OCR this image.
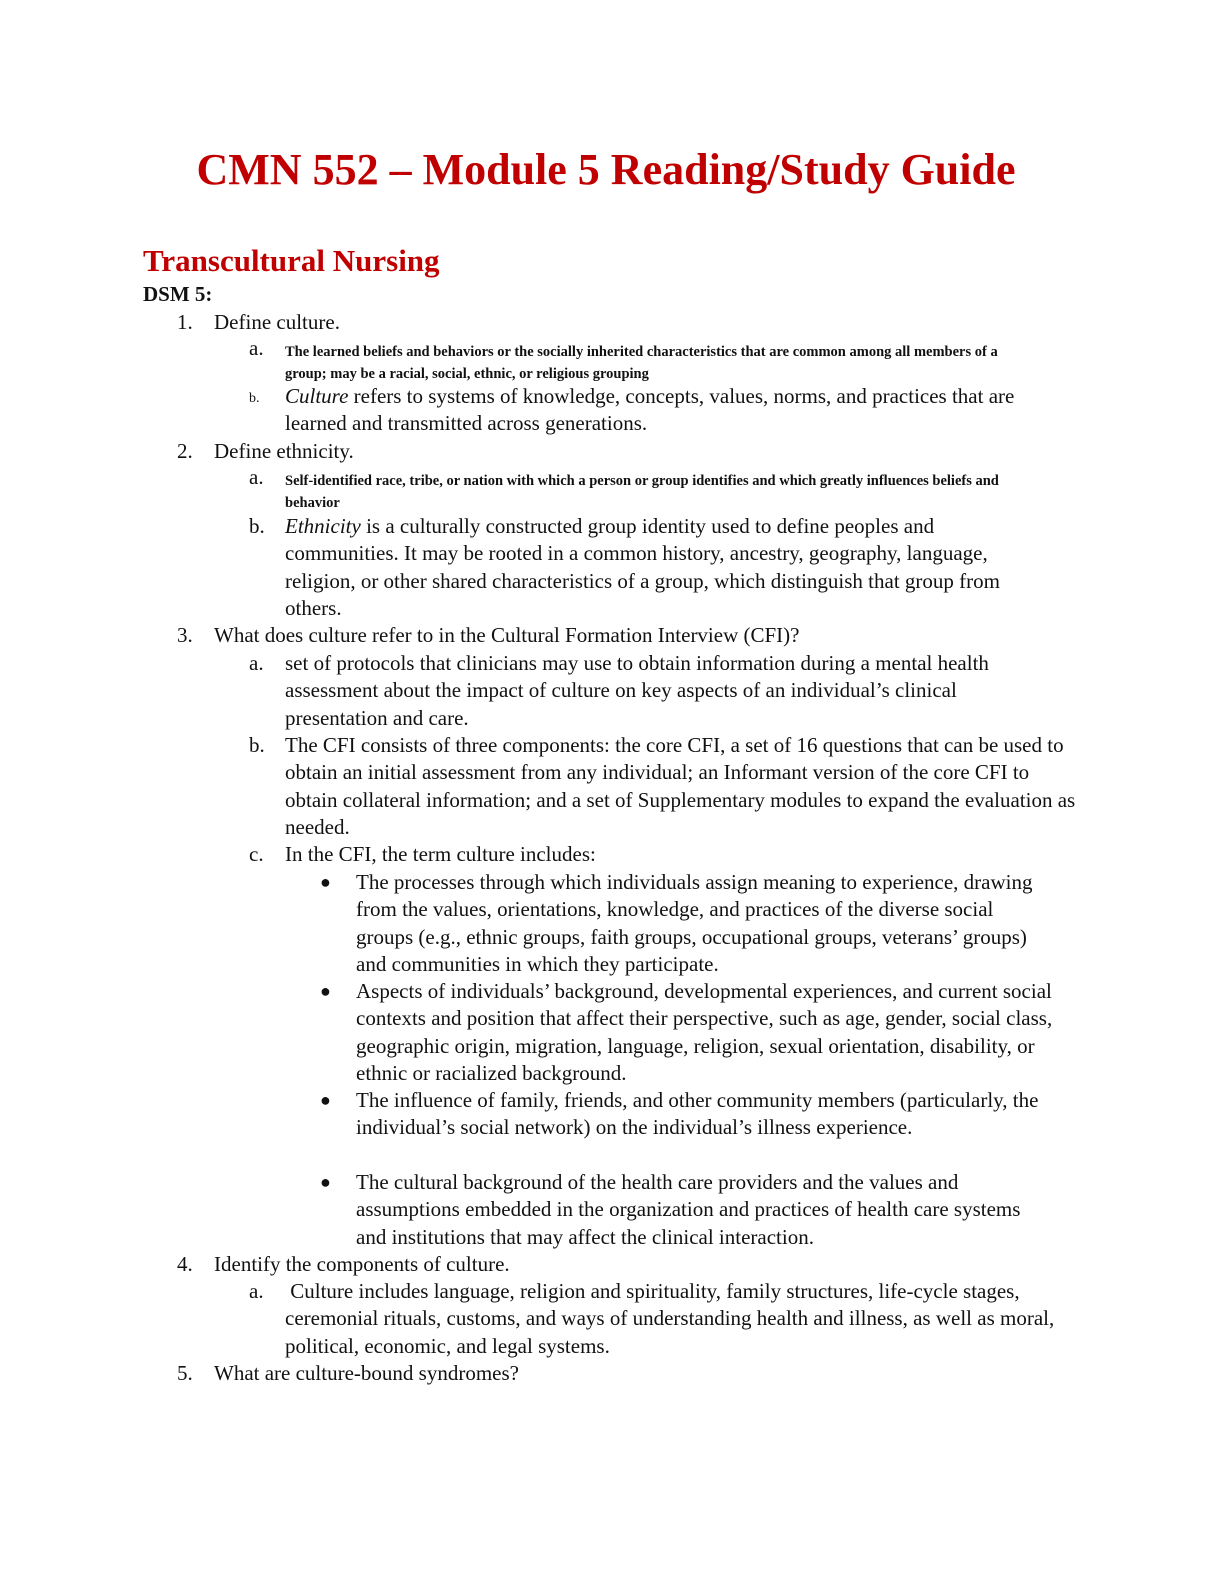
CMN 552 – Module 5 Reading/Study Guide
Transcultural Nursing
DSM 5:
1.	Define culture.
a. The learned beliefs and behaviors or the socially inherited characteristics that are common among all members of a group; may be a racial, social, ethnic, or religious grouping
b. Culture refers to systems of knowledge, concepts, values, norms, and practices that are learned and transmitted across generations.
2.	Define ethnicity.
a. Self-identified race, tribe, or nation with which a person or group identifies and which greatly influences beliefs and behavior
b. Ethnicity is a culturally constructed group identity used to define peoples and communities. It may be rooted in a common history, ancestry, geography, language, religion, or other shared characteristics of a group, which distinguish that group from others.
3.	What does culture refer to in the Cultural Formation Interview (CFI)?
a. set of protocols that clinicians may use to obtain information during a mental health assessment about the impact of culture on key aspects of an individual’s clinical presentation and care.
b. The CFI consists of three components: the core CFI, a set of 16 questions that can be used to obtain an initial assessment from any individual; an Informant version of the core CFI to obtain collateral information; and a set of Supplementary modules to expand the evaluation as needed.
c. In the CFI, the term culture includes:
● The processes through which individuals assign meaning to experience, drawing from the values, orientations, knowledge, and practices of the diverse social groups (e.g., ethnic groups, faith groups, occupational groups, veterans’ groups) and communities in which they participate.
● Aspects of individuals’ background, developmental experiences, and current social contexts and position that affect their perspective, such as age, gender, social class, geographic origin, migration, language, religion, sexual orientation, disability, or ethnic or racialized background.
● The influence of family, friends, and other community members (particularly, the individual’s social network) on the individual’s illness experience.
● The cultural background of the health care providers and the values and assumptions embedded in the organization and practices of health care systems and institutions that may affect the clinical interaction.
4.	Identify the components of culture.
a. Culture includes language, religion and spirituality, family structures, life-cycle stages, ceremonial rituals, customs, and ways of understanding health and illness, as well as moral, political, economic, and legal systems.
5.	What are culture-bound syndromes?
